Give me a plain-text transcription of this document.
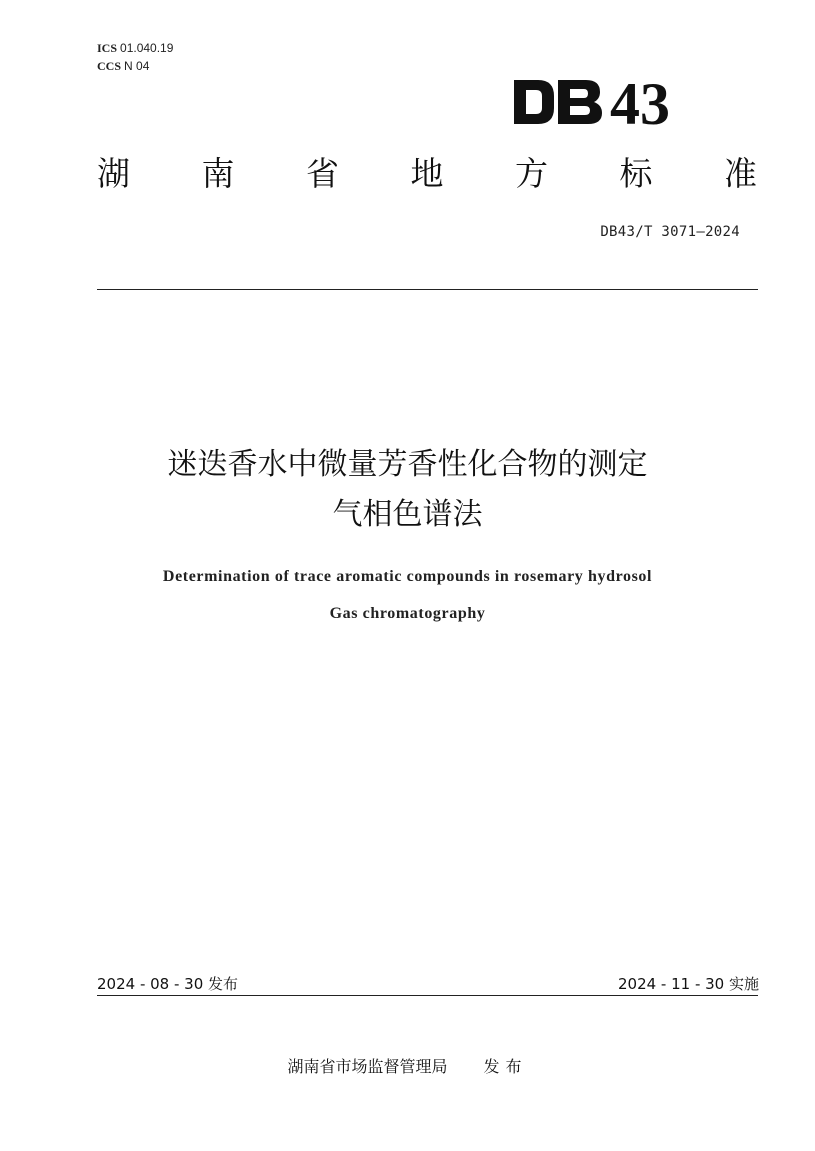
ICS 01.040.19
CCS N 04
43
湖 南 省 地 方 标 准
DB43/T 3071—2024
迷迭香水中微量芳香性化合物的测定
气相色谱法
Determination of trace aromatic compounds in rosemary hydrosol
Gas chromatography
2024 - 08 - 30 发布	2024 - 11 - 30 实施
湖南省市场监督管理局 发布
